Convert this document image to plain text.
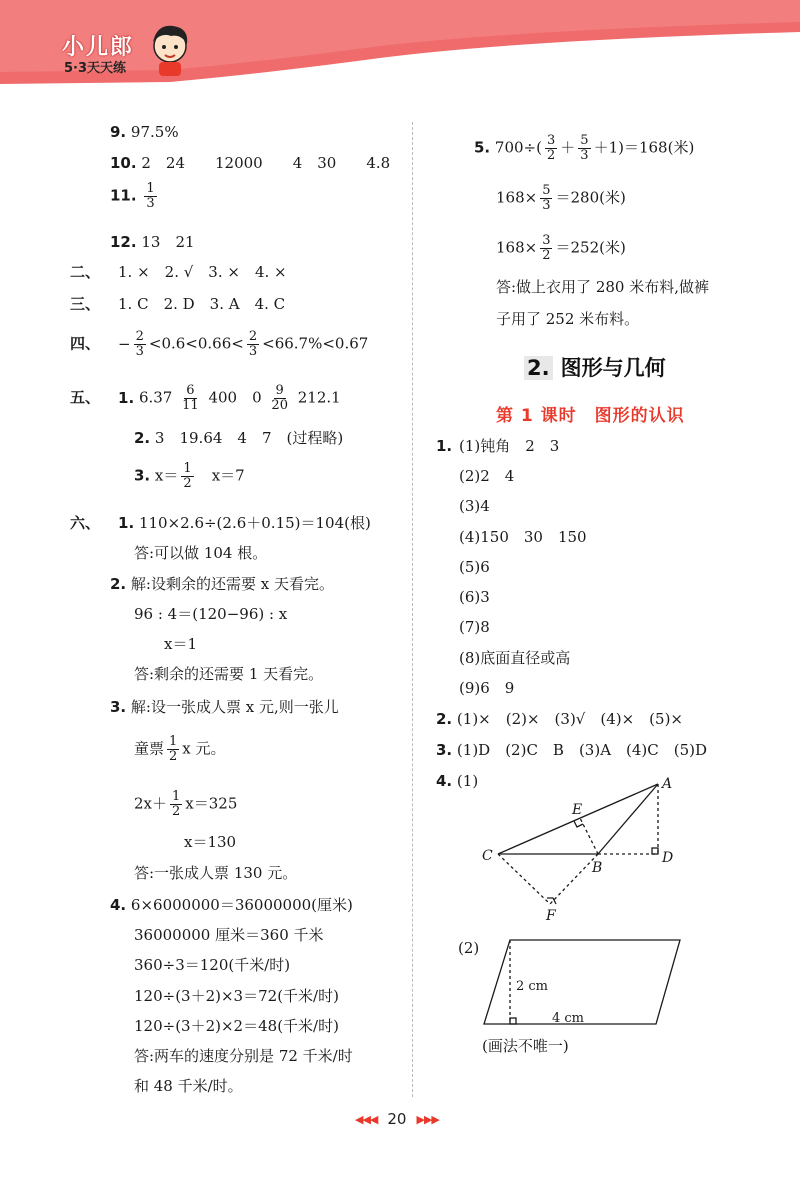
小儿郎
5·3天天练
9. 97.5%
10. 2　24　　12000　　4　30　　4.8
11. $\frac{1}{3}$
12. 13　21
二、 1. ×　2. √　3. ×　4. ×
三、 1. C　2. D　3. A　4. C
四、 − $\frac{2}{3} <0.6<0.66< \frac{2}{3} <66.7\%<0.67$
五、 1. $6.37 \frac{6}{11} 400$　$0 \frac{9}{20} 212.1$
2. 3　19.64　4　7　(过程略)
3. $x= \frac{1}{2}$
　 x＝7
六、 1. 110×2.6÷(2.6＋0.15)＝104(根)
答:可以做 104 根。
2. 解:设剩余的还需要 x 天看完。
96 : 4＝(120−96) : x
x＝1
答:剩余的还需要 1 天看完。
3. 解:设一张成人票 x 元,则一张儿
童票 $\frac{1}{2}$ x 元。
$2x+ \frac{1}{2} x=325$
x＝130
答:一张成人票 130 元。
4. 6×6000000＝36000000(厘米)
36000000 厘米＝360 千米
360÷3＝120(千米/时)
120÷(3＋2)×3＝72(千米/时)
120÷(3＋2)×2＝48(千米/时)
答:两车的速度分别是 72 千米/时
和 48 千米/时。
5. $700\div( \frac{3}{2} + \frac{5}{3} +1)=168$(米)
$168\times \frac{5}{3} =280$(米)
$168\times \frac{3}{2} =252$(米)
答:做上衣用了 280 米布料,做裤
子用了 252 米布料。
2. 图形与几何
第 1 课时　图形的认识
1. (1)钝角　2　3
(2)2　4
(3)4
(4)150　30　150
(5)6
(6)3
(7)8
(8)底面直径或高
(9)6　9
2. (1)×　(2)×　(3)√　(4)×　(5)×
3. (1)D　(2)C　B　(3)A　(4)C　(5)D
4. (1)	A
E
C
B
D
F
(2)
2 cm
4 cm
(画法不唯一)
◀◀◀ 20 ▶▶▶
